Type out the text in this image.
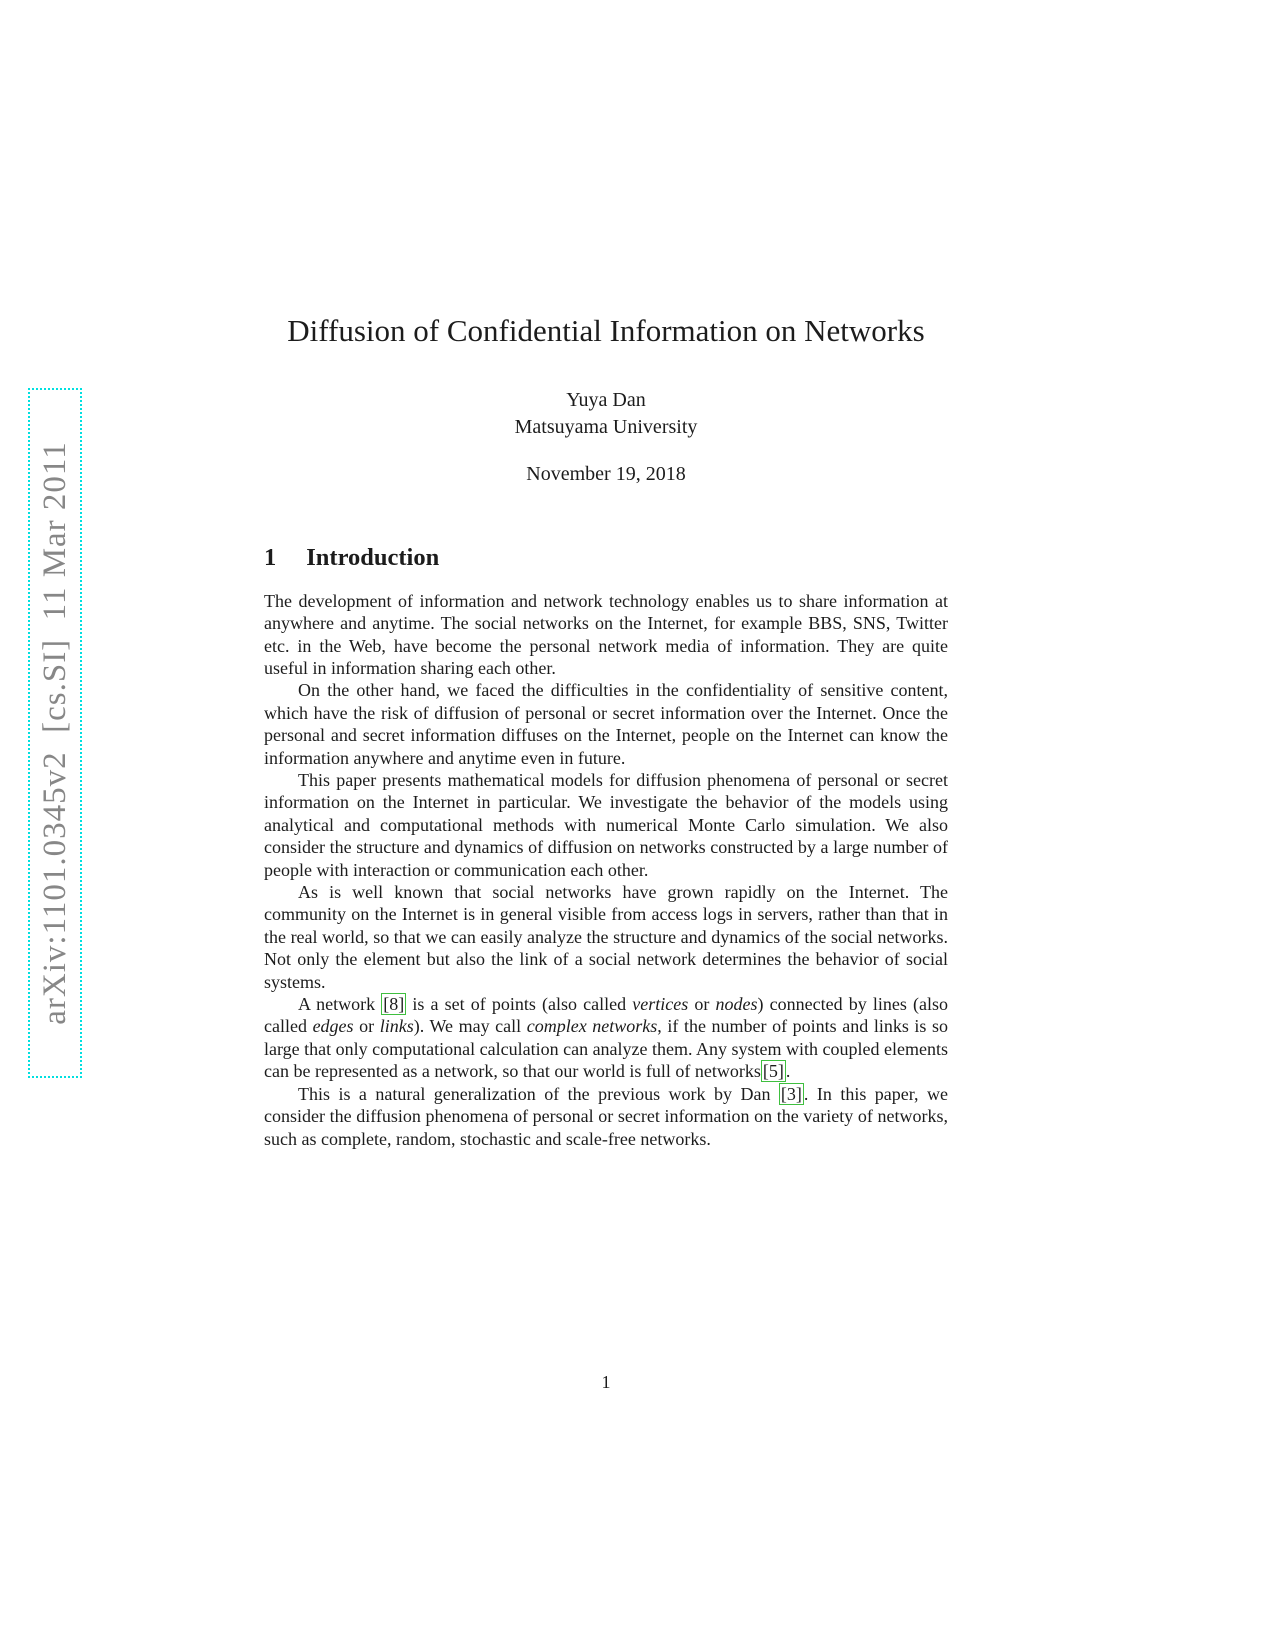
arXiv:1101.0345v2  [cs.SI]  11 Mar 2011
Diffusion of Confidential Information on Networks
Yuya Dan
Matsuyama University
November 19, 2018
1 Introduction

The development of information and network technology enables us to share information at anywhere and anytime. The social networks on the Internet, for example BBS, SNS, Twitter etc. in the Web, have become the personal network media of information. They are quite useful in information sharing each other.

On the other hand, we faced the difficulties in the confidentiality of sensitive content, which have the risk of diffusion of personal or secret information over the Internet. Once the personal and secret information diffuses on the Internet, people on the Internet can know the information anywhere and anytime even in future.

This paper presents mathematical models for diffusion phenomena of personal or secret information on the Internet in particular. We investigate the behavior of the models using analytical and computational methods with numerical Monte Carlo simulation. We also consider the structure and dynamics of diffusion on networks constructed by a large number of people with interaction or communication each other.

As is well known that social networks have grown rapidly on the Internet. The community on the Internet is in general visible from access logs in servers, rather than that in the real world, so that we can easily analyze the structure and dynamics of the social networks. Not only the element but also the link of a social network determines the behavior of social systems.

A network [8] is a set of points (also called vertices or nodes) connected by lines (also called edges or links). We may call complex networks, if the number of points and links is so large that only computational calculation can analyze them. Any system with coupled elements can be represented as a network, so that our world is full of networks [5] .

This is a natural generalization of the previous work by Dan [3] . In this paper, we consider the diffusion phenomena of personal or secret information on the variety of networks, such as complete, random, stochastic and scale-free networks.

1
